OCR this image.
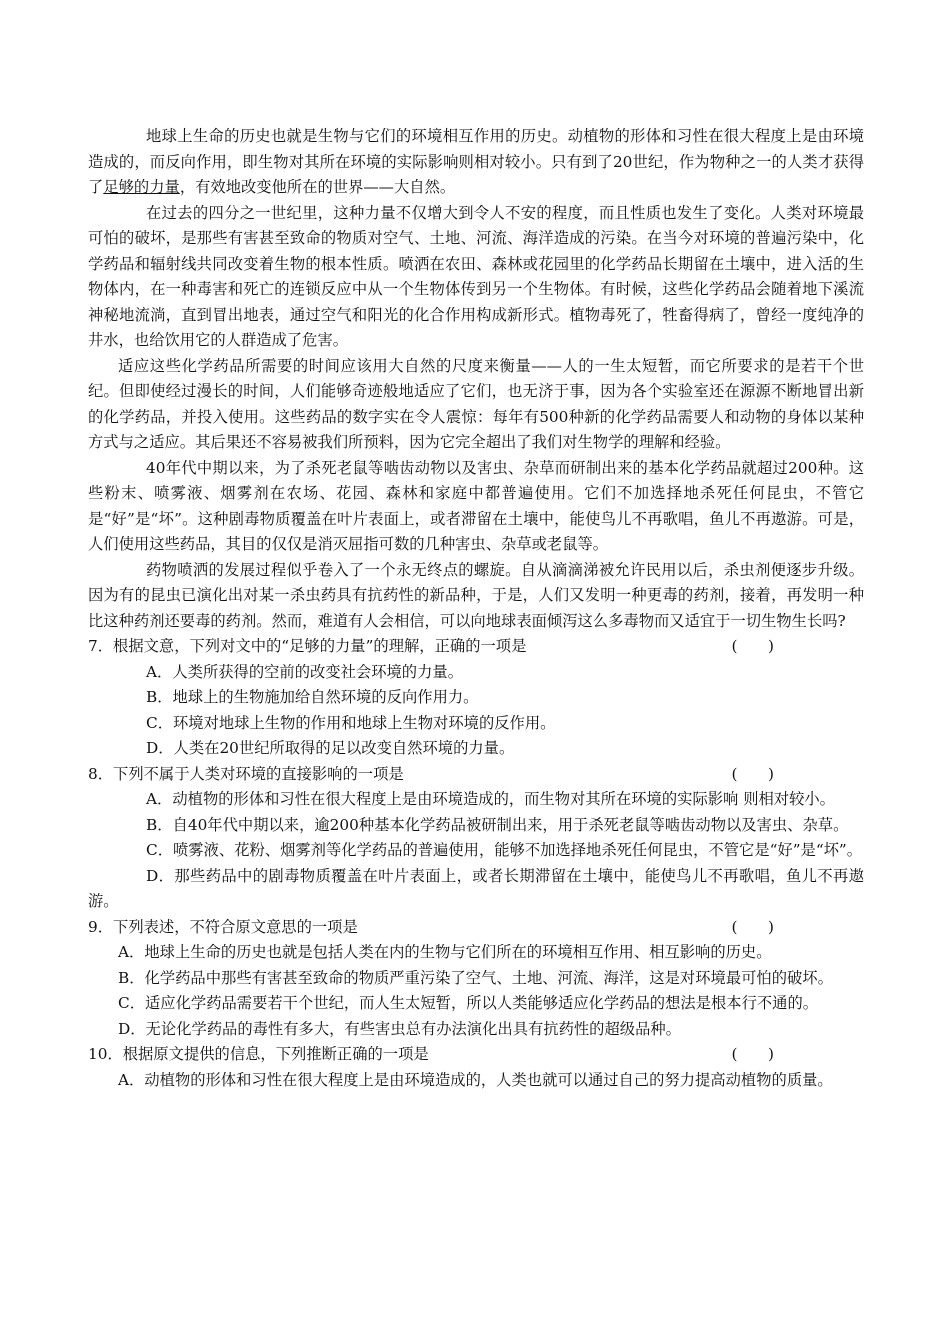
地球上生命的历史也就是生物与它们的环境相互作用的历史。动植物的形体和习性在很大程度上是由环境造成的，而反向作用，即生物对其所在环境的实际影响则相对较小。只有到了20世纪，作为物种之一的人类才获得了足够的力量，有效地改变他所在的世界——大自然。

在过去的四分之一世纪里，这种力量不仅增大到令人不安的程度，而且性质也发生了变化。人类对环境最可怕的破坏，是那些有害甚至致命的物质对空气、土地、河流、海洋造成的污染。在当今对环境的普遍污染中，化学药品和辐射线共同改变着生物的根本性质。喷洒在农田、森林或花园里的化学药品长期留在土壤中，进入活的生物体内，在一种毒害和死亡的连锁反应中从一个生物体传到另一个生物体。有时候，这些化学药品会随着地下溪流神秘地流淌，直到冒出地表，通过空气和阳光的化合作用构成新形式。植物毒死了，牲畜得病了，曾经一度纯净的井水，也给饮用它的人群造成了危害。

适应这些化学药品所需要的时间应该用大自然的尺度来衡量——人的一生太短暂，而它所要求的是若干个世纪。但即使经过漫长的时间，人们能够奇迹般地适应了它们，也无济于事，因为各个实验室还在源源不断地冒出新的化学药品，并投入使用。这些药品的数字实在令人震惊：每年有500种新的化学药品需要人和动物的身体以某种方式与之适应。其后果还不容易被我们所预料，因为它完全超出了我们对生物学的理解和经验。

40年代中期以来，为了杀死老鼠等啮齿动物以及害虫、杂草而研制出来的基本化学药品就超过200种。这些粉末、喷雾液、烟雾剂在农场、花园、森林和家庭中都普遍使用。它们不加选择地杀死任何昆虫，不管它是“好”是“坏”。这种剧毒物质覆盖在叶片表面上，或者滞留在土壤中，能使鸟儿不再歌唱，鱼儿不再遨游。可是，人们使用这些药品，其目的仅仅是消灭屈指可数的几种害虫、杂草或老鼠等。

药物喷洒的发展过程似乎卷入了一个永无终点的螺旋。自从滴滴涕被允许民用以后，杀虫剂便逐步升级。因为有的昆虫已演化出对某一杀虫药具有抗药性的新品种，于是，人们又发明一种更毒的药剂，接着，再发明一种比这种药剂还要毒的药剂。然而，难道有人会相信，可以向地球表面倾泻这么多毒物而又适宜于一切生物生长吗?

7．根据文意，下列对文中的“足够的力量”的理解，正确的一项是	(　　)

A．人类所获得的空前的改变社会环境的力量。

B．地球上的生物施加给自然环境的反向作用力。

C．环境对地球上生物的作用和地球上生物对环境的反作用。

D．人类在20世纪所取得的足以改变自然环境的力量。

8．下列不属于人类对环境的直接影响的一项是	(　　)

A．动植物的形体和习性在很大程度上是由环境造成的，而生物对其所在环境的实际影响 则相对较小。

B．自40年代中期以来，逾200种基本化学药品被研制出来，用于杀死老鼠等啮齿动物以及害虫、杂草。

C．喷雾液、花粉、烟雾剂等化学药品的普遍使用，能够不加选择地杀死任何昆虫，不管它是“好”是“坏”。

D．那些药品中的剧毒物质覆盖在叶片表面上，或者长期滞留在土壤中，能使鸟儿不再歌唱，鱼儿不再遨游。

9．下列表述，不符合原文意思的一项是	(　　)

A．地球上生命的历史也就是包括人类在内的生物与它们所在的环境相互作用、相互影响的历史。

B．化学药品中那些有害甚至致命的物质严重污染了空气、土地、河流、海洋，这是对环境最可怕的破坏。

C．适应化学药品需要若干个世纪，而人生太短暂，所以人类能够适应化学药品的想法是根本行不通的。

D．无论化学药品的毒性有多大，有些害虫总有办法演化出具有抗药性的超级品种。

10．根据原文提供的信息，下列推断正确的一项是	(　　)

A．动植物的形体和习性在很大程度上是由环境造成的，人类也就可以通过自己的努力提高动植物的质量。
